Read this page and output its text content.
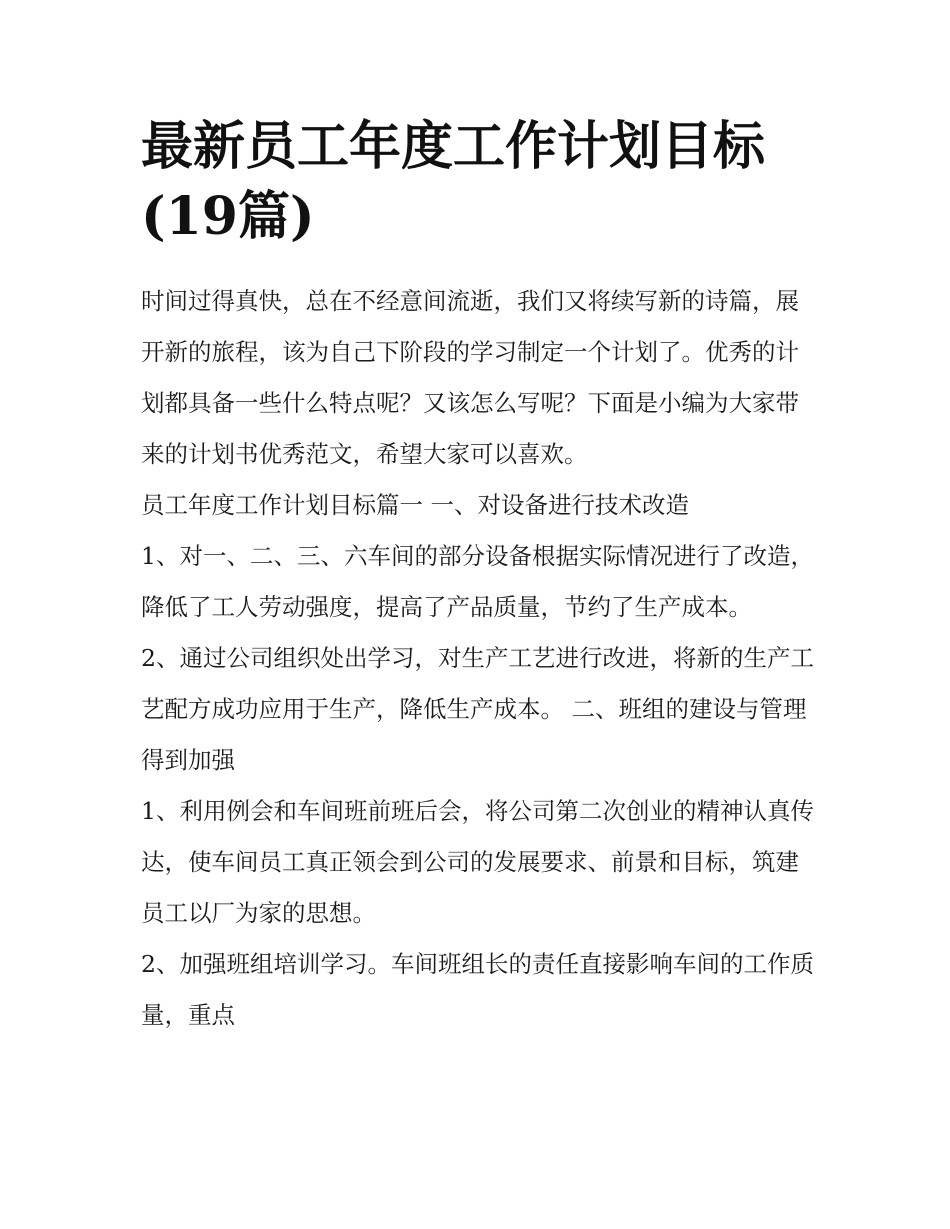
最新员工年度工作计划目标(19篇)

时间过得真快，总在不经意间流逝，我们又将续写新的诗篇，展开新的旅程，该为自己下阶段的学习制定一个计划了。优秀的计划都具备一些什么特点呢？又该怎么写呢？下面是小编为大家带来的计划书优秀范文，希望大家可以喜欢。

员工年度工作计划目标篇一 一、对设备进行技术改造

1、对一、二、三、六车间的部分设备根据实际情况进行了改造，降低了工人劳动强度，提高了产品质量，节约了生产成本。

2、通过公司组织处出学习，对生产工艺进行改进，将新的生产工艺配方成功应用于生产，降低生产成本。 二、班组的建设与管理得到加强

1、利用例会和车间班前班后会，将公司第二次创业的精神认真传达，使车间员工真正领会到公司的发展要求、前景和目标，筑建员工以厂为家的思想。

2、加强班组培训学习。车间班组长的责任直接影响车间的工作质量，重点
